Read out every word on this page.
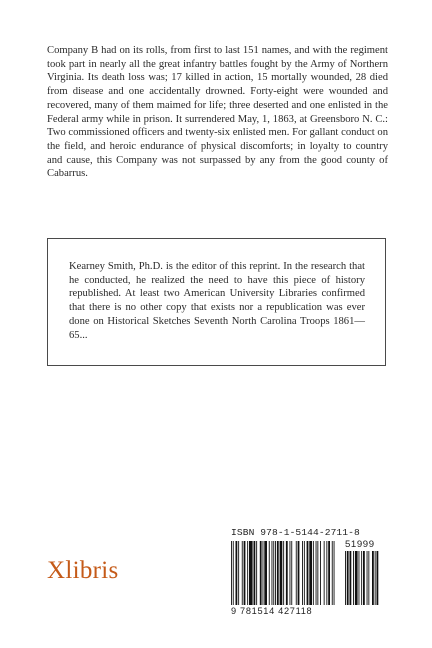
Company B had on its rolls, from first to last 151 names, and with the regiment took part in nearly all the great infantry battles fought by the Army of Northern Virginia. Its death loss was; 17 killed in action, 15 mortally wounded, 28 died from disease and one accidentally drowned. Forty-eight were wounded and recovered, many of them maimed for life; three deserted and one enlisted in the Federal army while in prison. It surrendered May, 1, 1863, at Greensboro N. C.: Two commissioned officers and twenty-six enlisted men. For gallant conduct on the field, and heroic endurance of physical discomforts; in loyalty to country and cause, this Company was not surpassed by any from the good county of Cabarrus.

Kearney Smith, Ph.D. is the editor of this reprint. In the research that he conducted, he realized the need to have this piece of history republished. At least two American University Libraries confirmed that there is no other copy that exists nor a republication was ever done on Historical Sketches Seventh North Carolina Troops 1861—65...

Xlibris
ISBN 978-1-5144-2711-8
51999
9 781514 427118
